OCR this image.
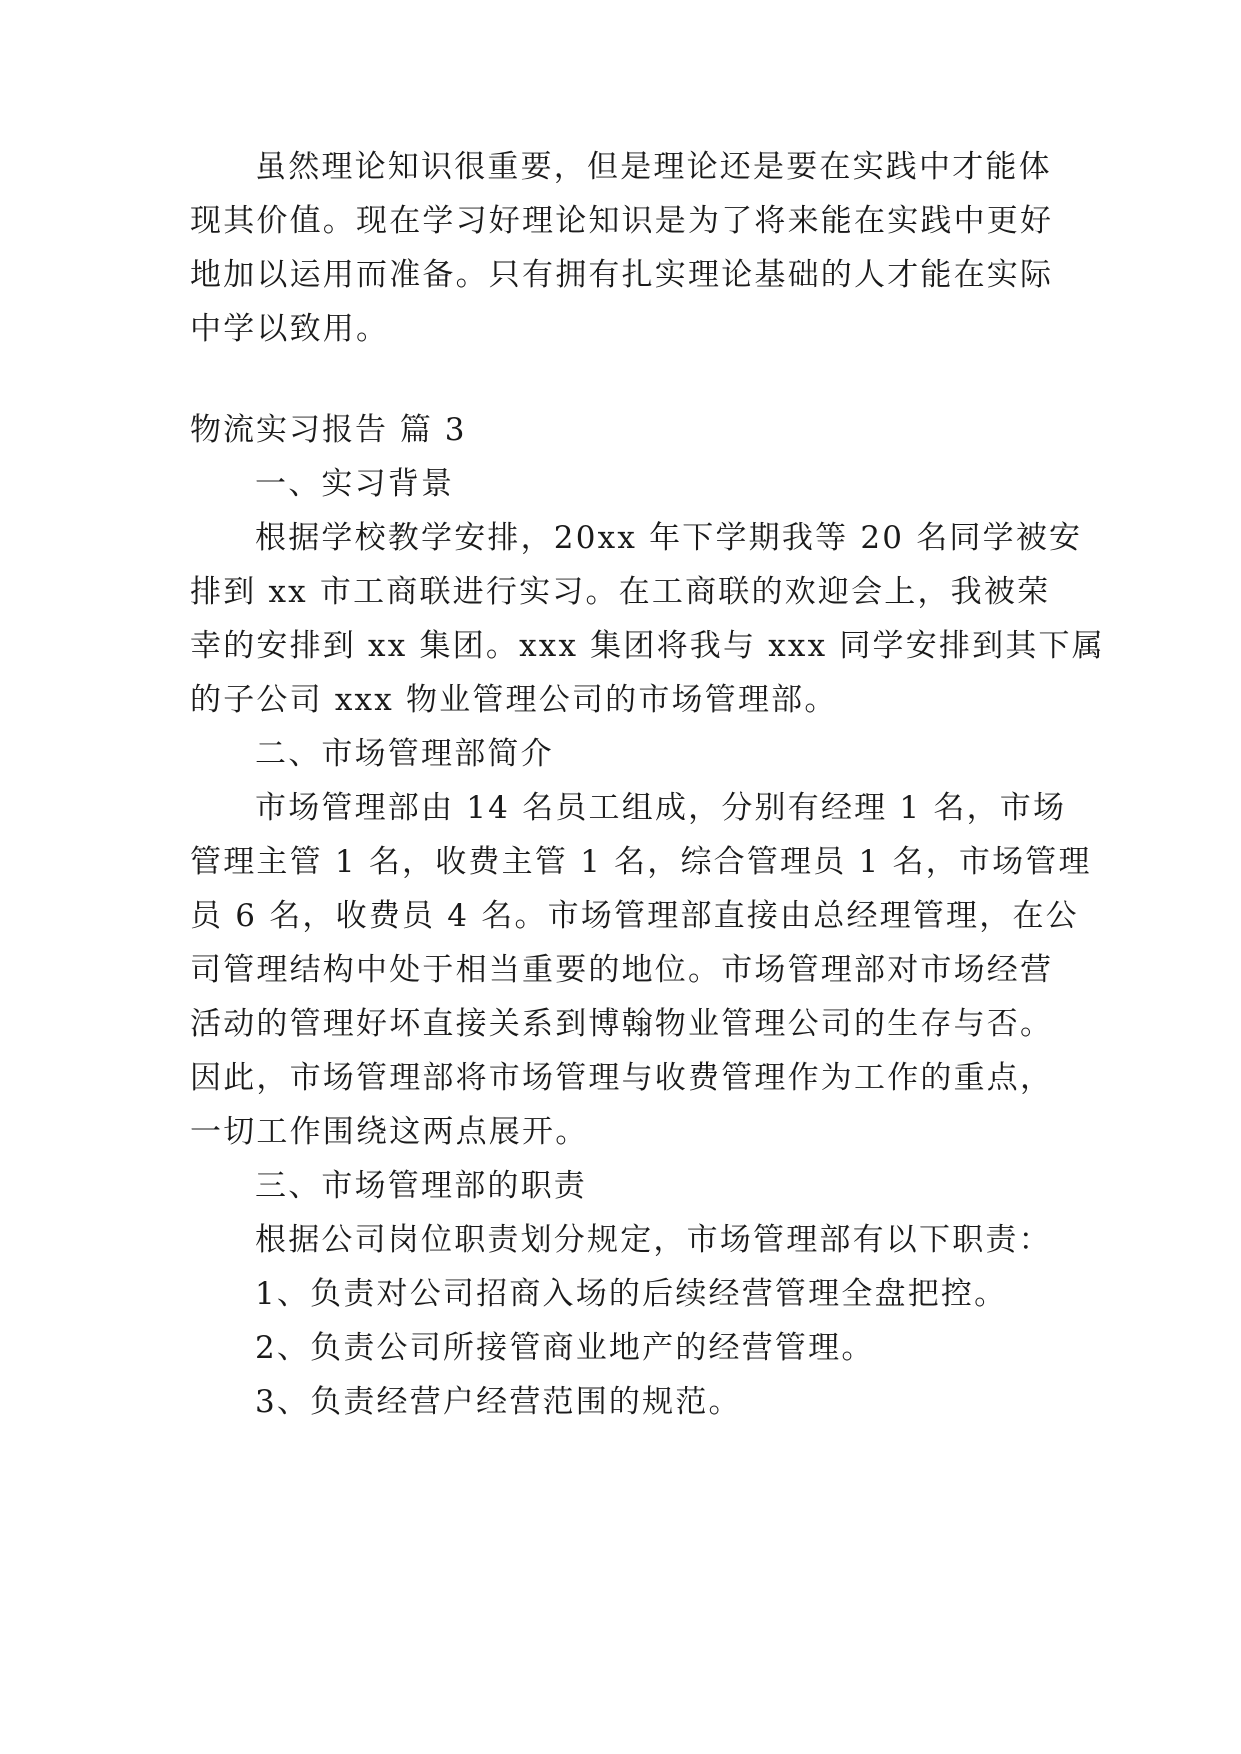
虽然理论知识很重要，但是理论还是要在实践中才能体
现其价值。现在学习好理论知识是为了将来能在实践中更好
地加以运用而准备。只有拥有扎实理论基础的人才能在实际
中学以致用。
物流实习报告 篇 3
一、实习背景
根据学校教学安排，20xx 年下学期我等 20 名同学被安
排到 xx 市工商联进行实习。在工商联的欢迎会上，我被荣
幸的安排到 xx 集团。xxx 集团将我与 xxx 同学安排到其下属
的子公司 xxx 物业管理公司的市场管理部。
二、市场管理部简介
市场管理部由 14 名员工组成，分别有经理 1 名，市场
管理主管 1 名，收费主管 1 名，综合管理员 1 名，市场管理
员 6 名，收费员 4 名。市场管理部直接由总经理管理，在公
司管理结构中处于相当重要的地位。市场管理部对市场经营
活动的管理好坏直接关系到博翰物业管理公司的生存与否。
因此，市场管理部将市场管理与收费管理作为工作的重点，
一切工作围绕这两点展开。
三、市场管理部的职责
根据公司岗位职责划分规定，市场管理部有以下职责：
1、负责对公司招商入场的后续经营管理全盘把控。
2、负责公司所接管商业地产的经营管理。
3、负责经营户经营范围的规范。
